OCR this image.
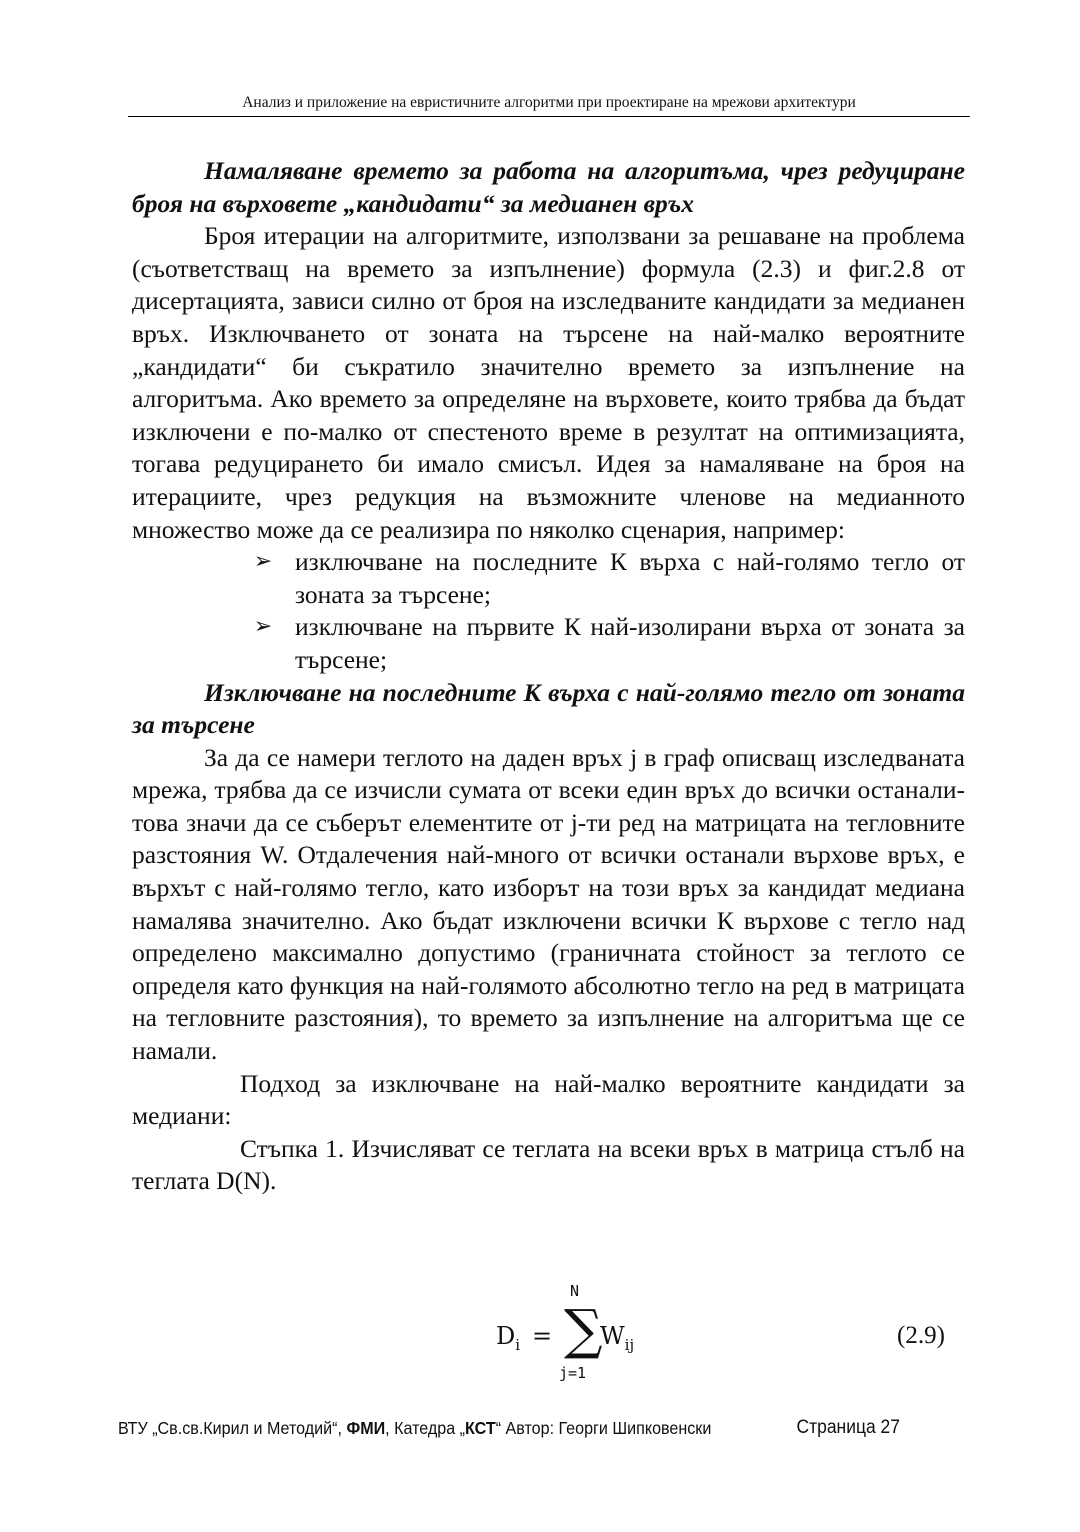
Анализ и приложение на евристичните алгоритми при проектиране на мрежови архитектури

Намаляване времето за работа на алгоритъма, чрез редуциране броя на върховете „кандидати“ за медианен връх

Броя итерации на алгоритмите, използвани за решаване на проблема (съответстващ на времето за изпълнение) формула (2.3) и фиг.2.8 от дисертацията, зависи силно от броя на изследваните кандидати за медианен връх. Изключването от зоната на търсене на най-малко вероятните „кандидати“ би съкратило значително времето за изпълнение на алгоритъма. Ако времето за определяне на върховете, които трябва да бъдат изключени е по-малко от спестеното време в резултат на оптимизацията, тогава редуцирането би имало смисъл. Идея за намаляване на броя на итерациите, чрез редукция на възможните членове на медианното множество може да се реализира по няколко сценария, например:

➢ изключване на последните К върха с най-голямо тегло от зоната за търсене;
➢ изключване на първите К най-изолирани върха от зоната за търсене;

Изключване на последните К върха с най-голямо тегло от зоната за търсене

За да се намери теглото на даден връх j в граф описващ изследваната мрежа, трябва да се изчисли сумата от всеки един връх до всички останали-това значи да се съберът елементите от j-ти ред на матрицата на тегловните разстояния W. Отдалечения най-много от всички останали върхове връх, е върхът с най-голямо тегло, като изборът на този връх за кандидат медиана намалява значително. Ако бъдат изключени всички К върхове с тегло над определено максимално допустимо (граничната стойност за теглото се определя като функция на най-голямото абсолютно тегло на ред в матрицата на тегловните разстояния), то времето за изпълнение на алгоритъма ще се намали.

Подход за изключване на най-малко вероятните кандидати за медиани:

Стъпка 1. Изчисляват се теглата на всеки връх в матрица стълб на теглата D(N).

$D_i$ =
N
∑
j=1
$W_{ij}$	(2.9)
ВТУ „Св.св.Кирил и Методий“, ФМИ, Катедра „КСТ“ Автор: Георги Шипковенски	Страница 27
